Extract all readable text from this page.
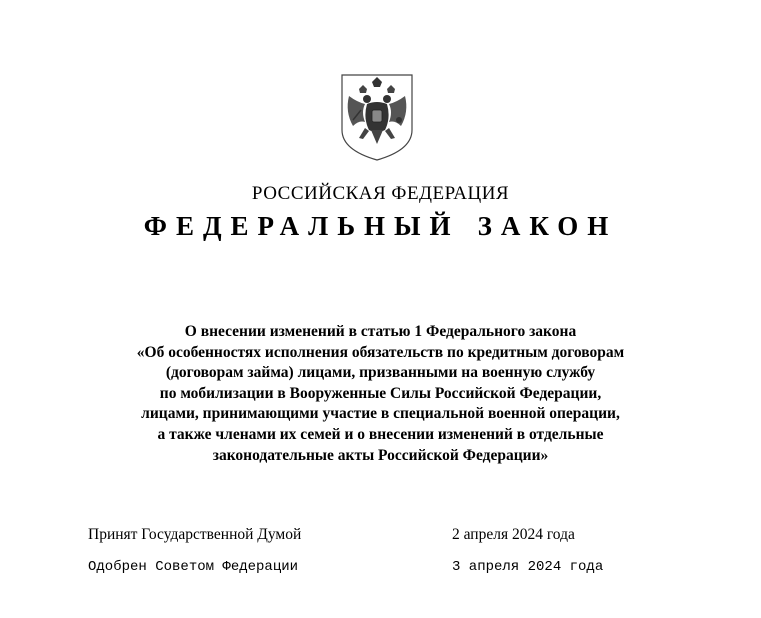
РОССИЙСКАЯ ФЕДЕРАЦИЯ
ФЕДЕРАЛЬНЫЙ ЗАКОН
О внесении изменений в статью 1 Федерального закона
«Об особенностях исполнения обязательств по кредитным договорам
(договорам займа) лицами, призванными на военную службу
по мобилизации в Вооруженные Силы Российской Федерации,
лицами, принимающими участие в специальной военной операции,
а также членами их семей и о внесении изменений в отдельные
законодательные акты Российской Федерации»
Принят Государственной Думой	2 апреля 2024 года
Одобрен Советом Федерации	3 апреля 2024 года
